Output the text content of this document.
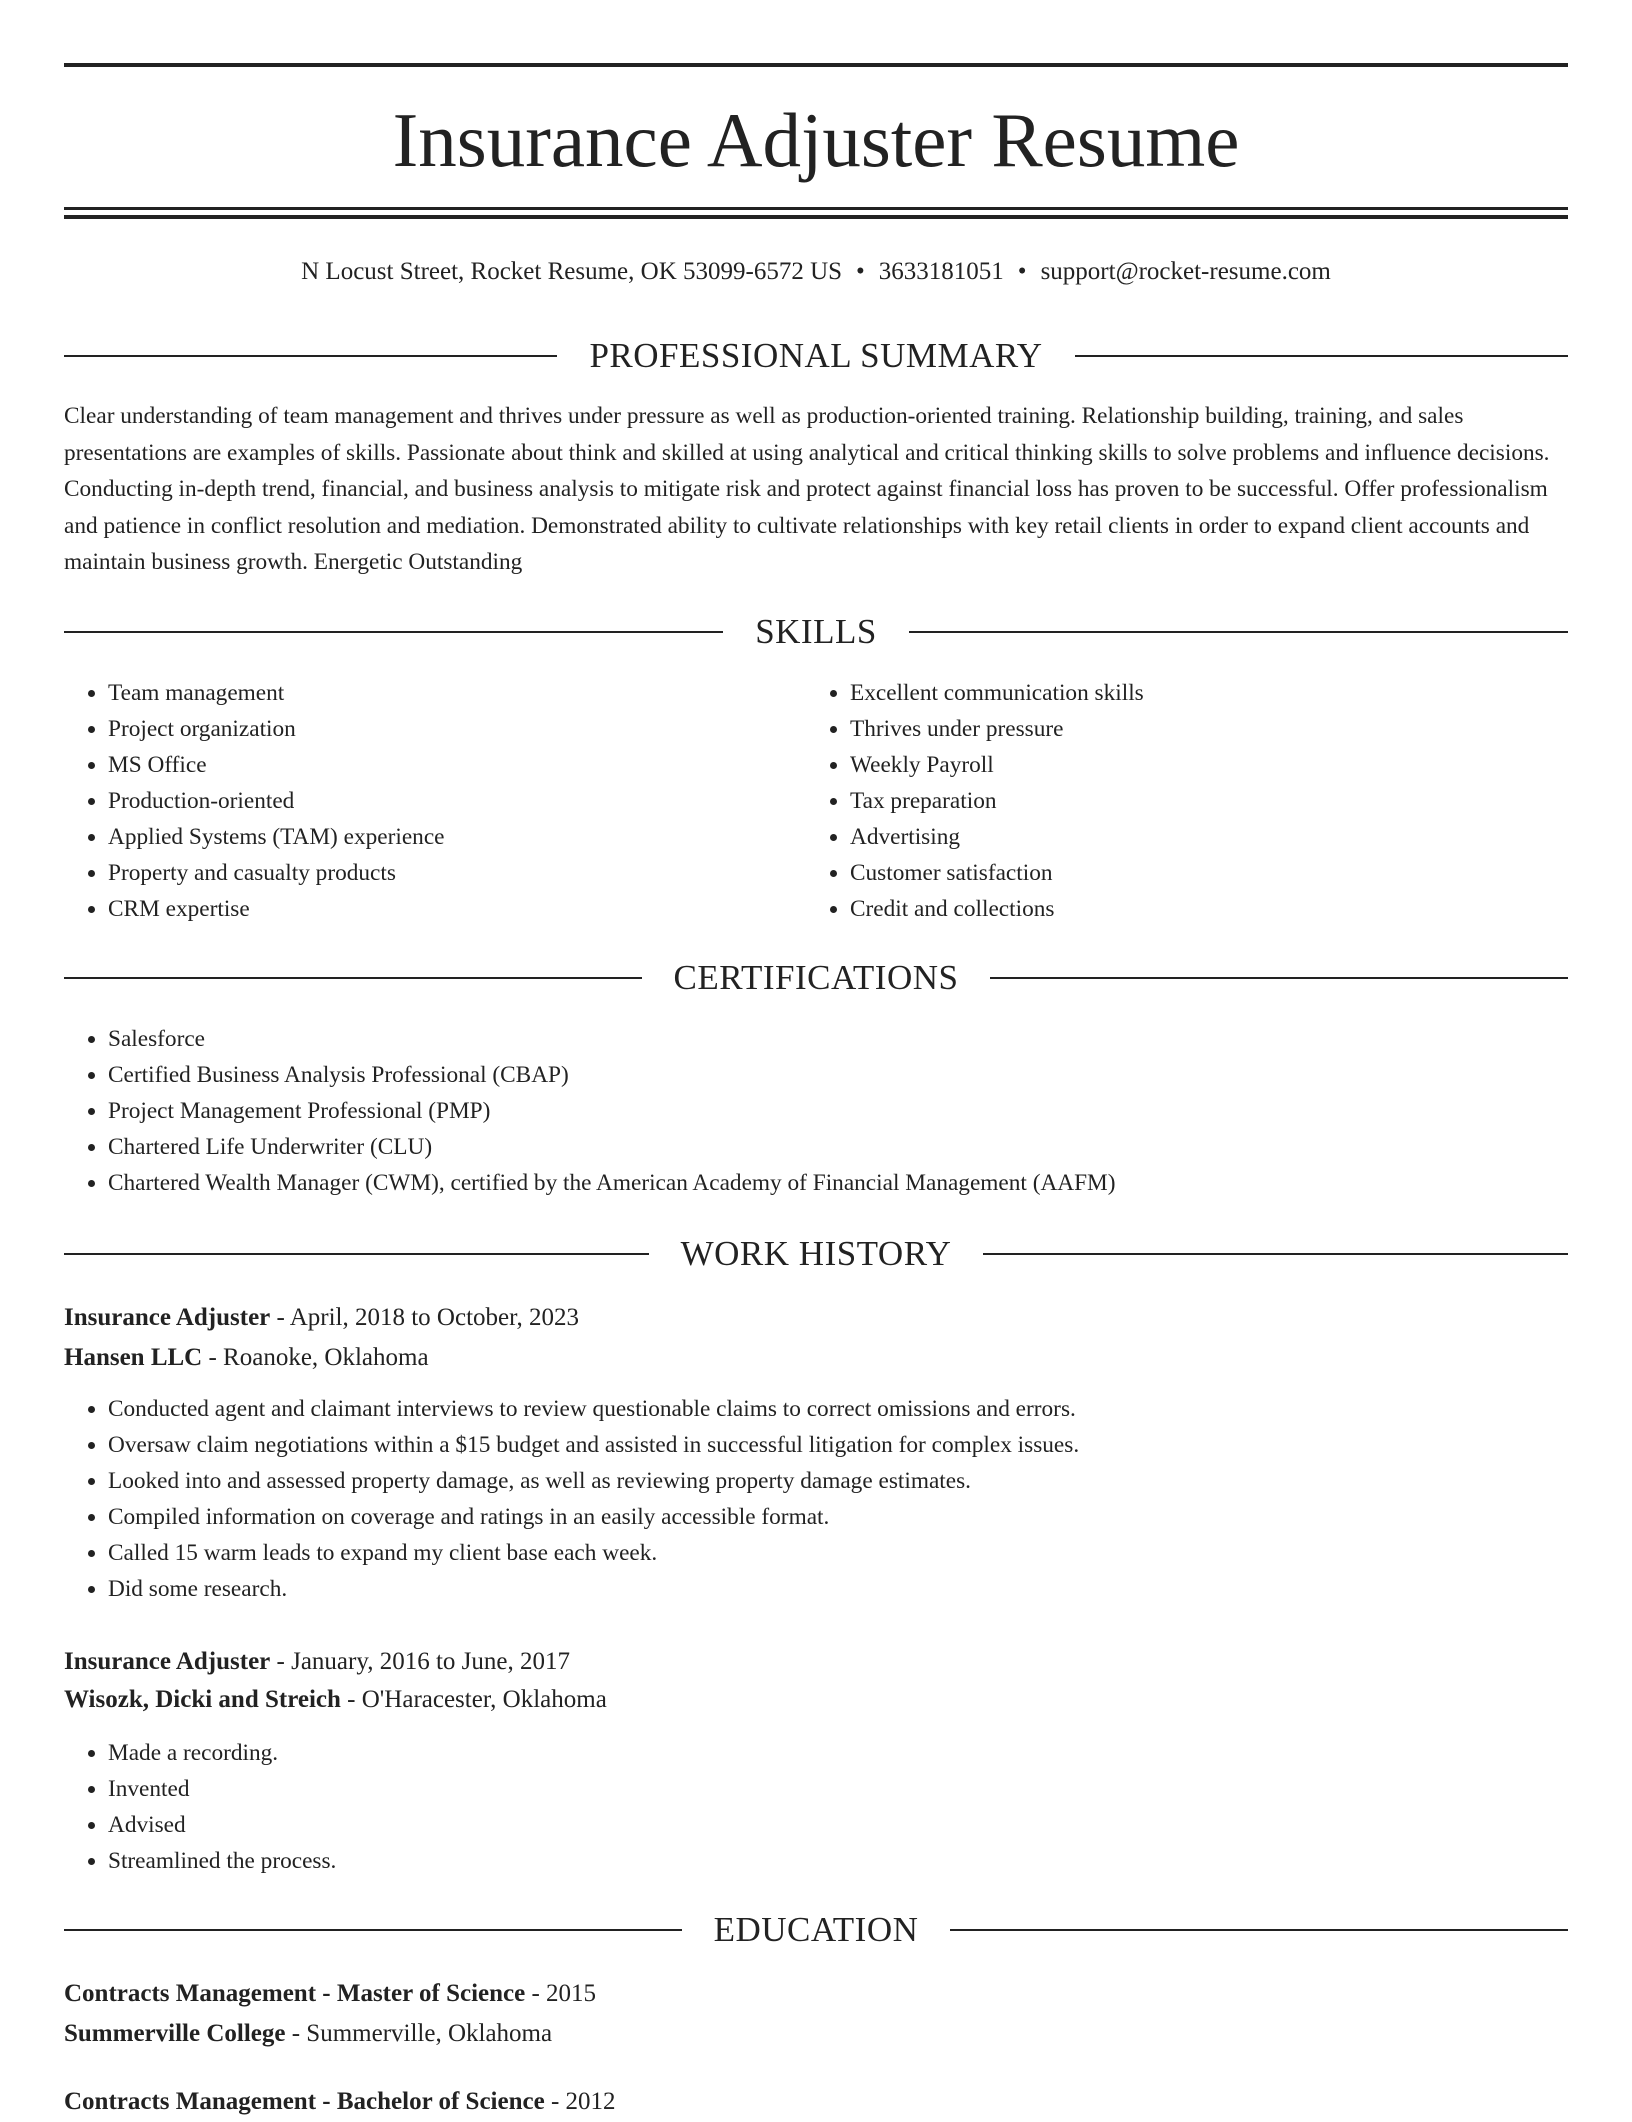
Insurance Adjuster Resume
N Locust Street, Rocket Resume, OK 53099-6572 US • 3633181051 • support@rocket-resume.com
PROFESSIONAL SUMMARY

Clear understanding of team management and thrives under pressure as well as production-oriented training. Relationship building, training, and sales presentations are examples of skills. Passionate about think and skilled at using analytical and critical thinking skills to solve problems and influence decisions. Conducting in-depth trend, financial, and business analysis to mitigate risk and protect against financial loss has proven to be successful. Offer professionalism and patience in conflict resolution and mediation. Demonstrated ability to cultivate relationships with key retail clients in order to expand client accounts and maintain business growth. Energetic Outstanding

SKILLS
• Team management
• Project organization
• MS Office
• Production-oriented
• Applied Systems (TAM) experience
• Property and casualty products
• CRM expertise
• Excellent communication skills
• Thrives under pressure
• Weekly Payroll
• Tax preparation
• Advertising
• Customer satisfaction
• Credit and collections
CERTIFICATIONS
• Salesforce
• Certified Business Analysis Professional (CBAP)
• Project Management Professional (PMP)
• Chartered Life Underwriter (CLU)
• Chartered Wealth Manager (CWM), certified by the American Academy of Financial Management (AAFM)
WORK HISTORY
Insurance Adjuster - April, 2018 to October, 2023
Hansen LLC - Roanoke, Oklahoma
• Conducted agent and claimant interviews to review questionable claims to correct omissions and errors.
• Oversaw claim negotiations within a $15 budget and assisted in successful litigation for complex issues.
• Looked into and assessed property damage, as well as reviewing property damage estimates.
• Compiled information on coverage and ratings in an easily accessible format.
• Called 15 warm leads to expand my client base each week.
• Did some research.
Insurance Adjuster - January, 2016 to June, 2017
Wisozk, Dicki and Streich - O'Haracester, Oklahoma
• Made a recording.
• Invented
• Advised
• Streamlined the process.
EDUCATION
Contracts Management - Master of Science - 2015
Summerville College - Summerville, Oklahoma
Contracts Management - Bachelor of Science - 2012
